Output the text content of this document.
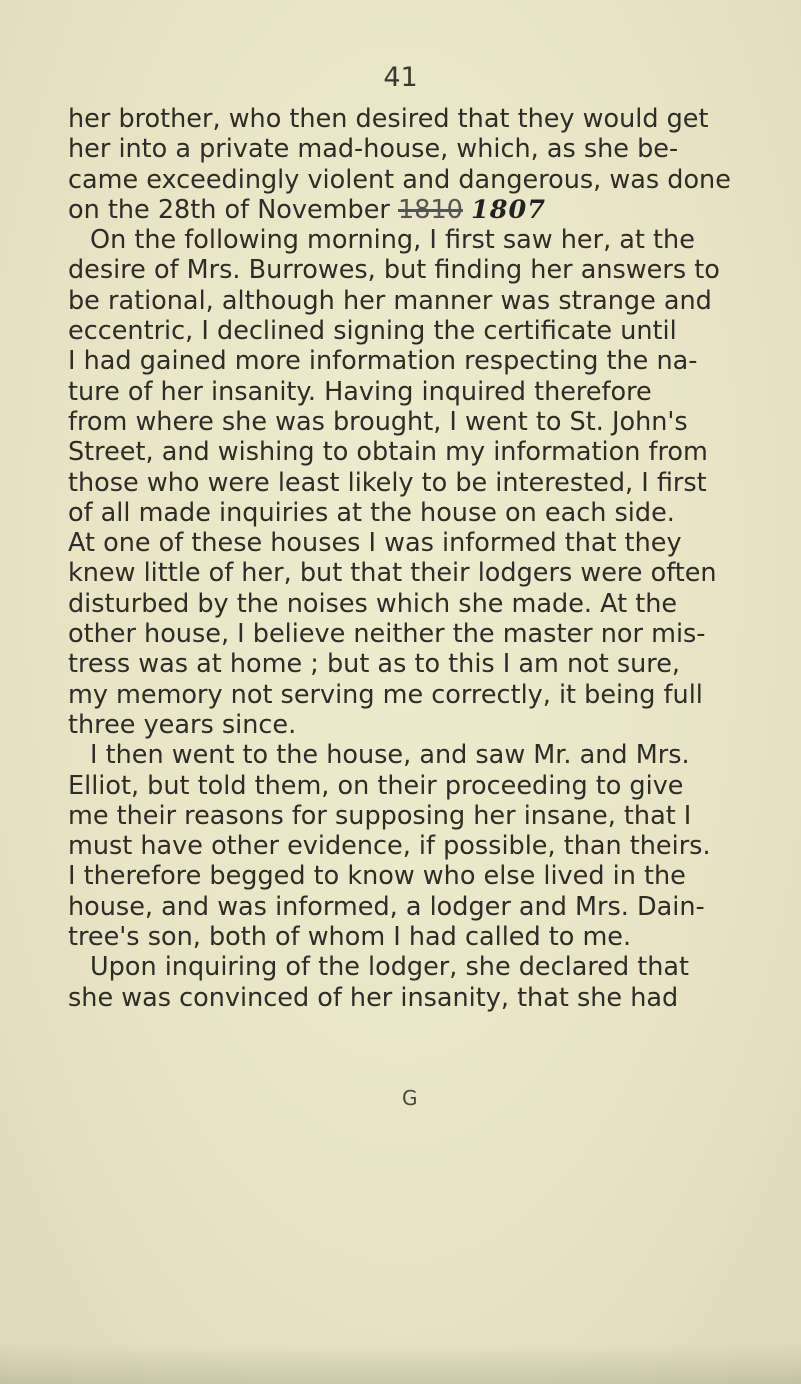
41
her brother, who then desired that they would get
her into a private mad-house, which, as she be-
came exceedingly violent and dangerous, was done
on the 28th of November 1810 1807
On the following morning, I first saw her, at the
desire of Mrs. Burrowes, but finding her answers to
be rational, although her manner was strange and
eccentric, I declined signing the certificate until
I had gained more information respecting the na-
ture of her insanity. Having inquired therefore
from where she was brought, I went to St. John's
Street, and wishing to obtain my information from
those who were least likely to be interested, I first
of all made inquiries at the house on each side.
At one of these houses I was informed that they
knew little of her, but that their lodgers were often
disturbed by the noises which she made. At the
other house, I believe neither the master nor mis-
tress was at home ; but as to this I am not sure,
my memory not serving me correctly, it being full
three years since.
I then went to the house, and saw Mr. and Mrs.
Elliot, but told them, on their proceeding to give
me their reasons for supposing her insane, that I
must have other evidence, if possible, than theirs.
I therefore begged to know who else lived in the
house, and was informed, a lodger and Mrs. Dain-
tree's son, both of whom I had called to me.
Upon inquiring of the lodger, she declared that
she was convinced of her insanity, that she had
G
